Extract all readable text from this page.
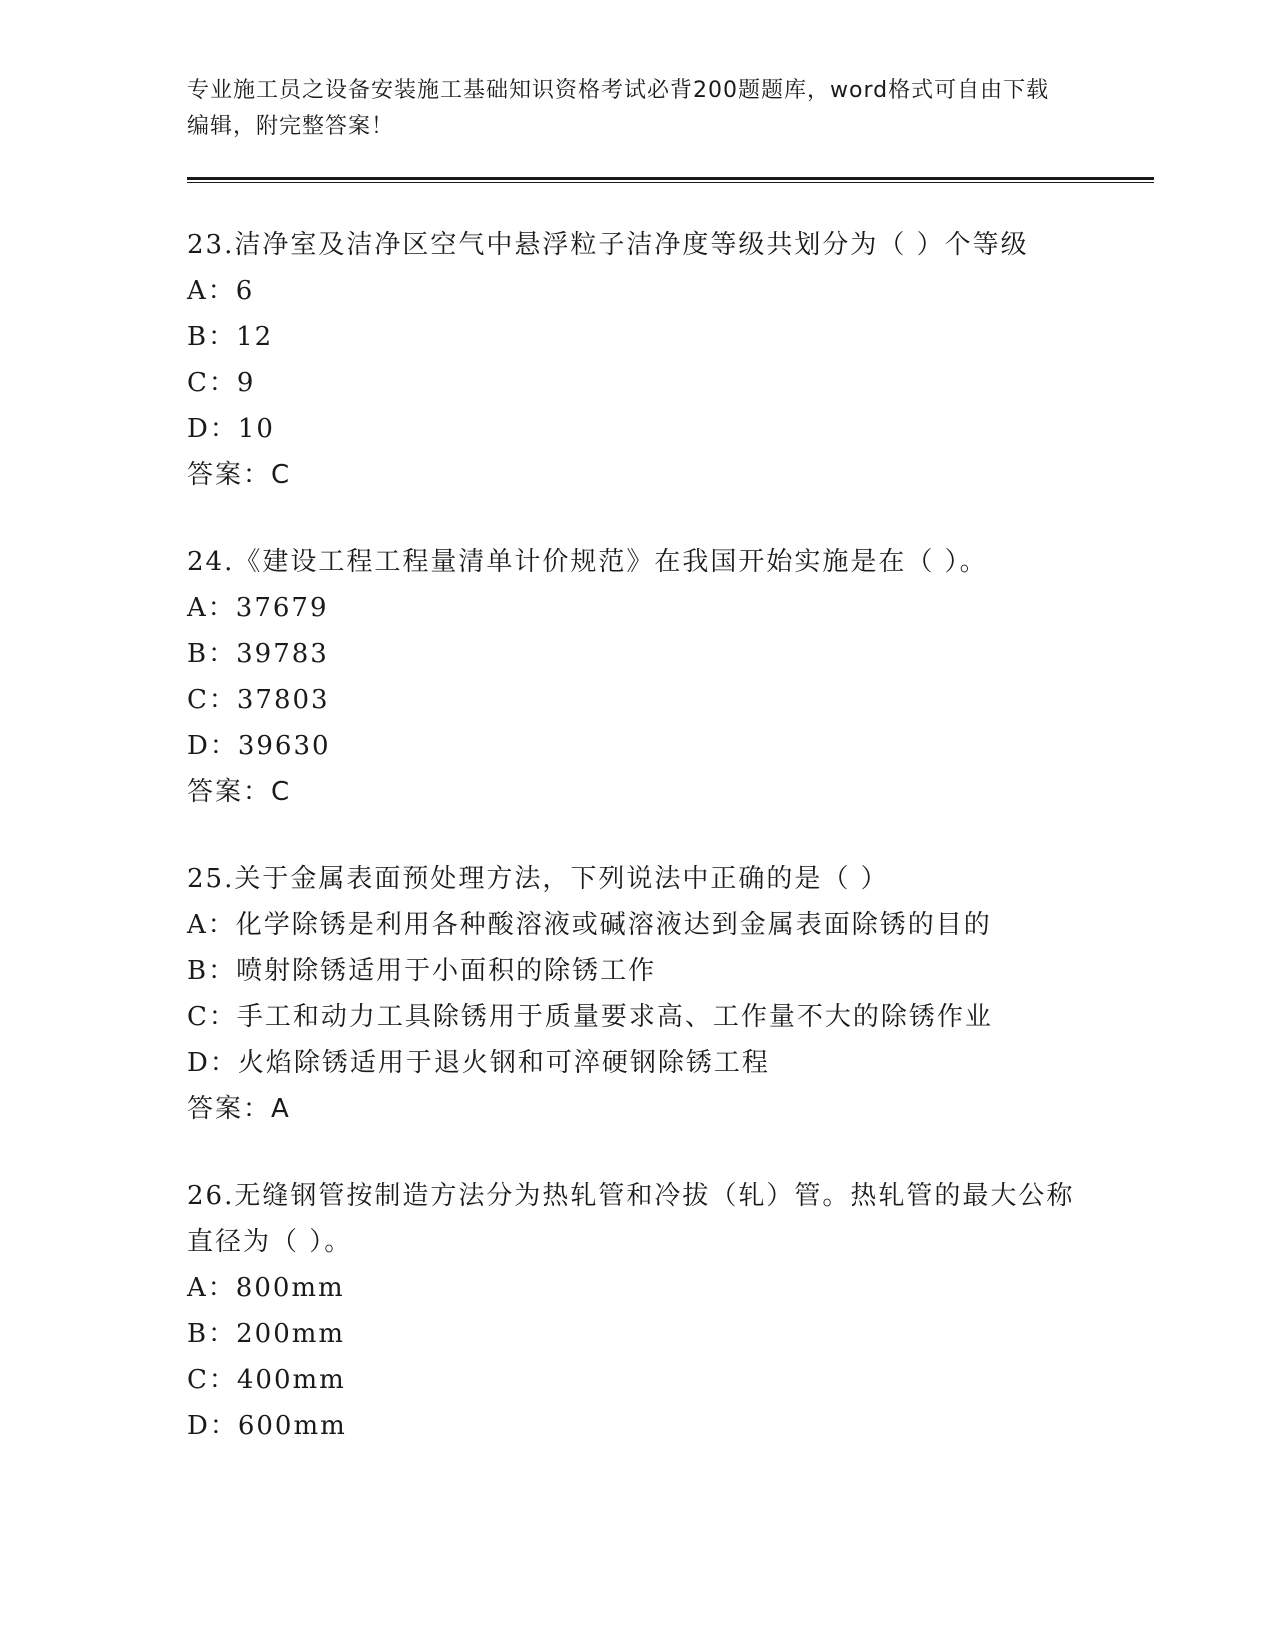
专业施工员之设备安装施工基础知识资格考试必背200题题库，word格式可自由下载编辑，附完整答案！
23.洁净室及洁净区空气中悬浮粒子洁净度等级共划分为（ ）个等级
A：6
B：12
C：9
D：10
答案：C
24.《建设工程工程量清单计价规范》在我国开始实施是在（ ）。
A：37679
B：39783
C：37803
D：39630
答案：C
25.关于金属表面预处理方法，下列说法中正确的是（ ）
A：化学除锈是利用各种酸溶液或碱溶液达到金属表面除锈的目的
B：喷射除锈适用于小面积的除锈工作
C：手工和动力工具除锈用于质量要求高、工作量不大的除锈作业
D：火焰除锈适用于退火钢和可淬硬钢除锈工程
答案：A
26.无缝钢管按制造方法分为热轧管和冷拔（轧）管。热轧管的最大公称直径为（ ）。
A：800mm
B：200mm
C：400mm
D：600mm
